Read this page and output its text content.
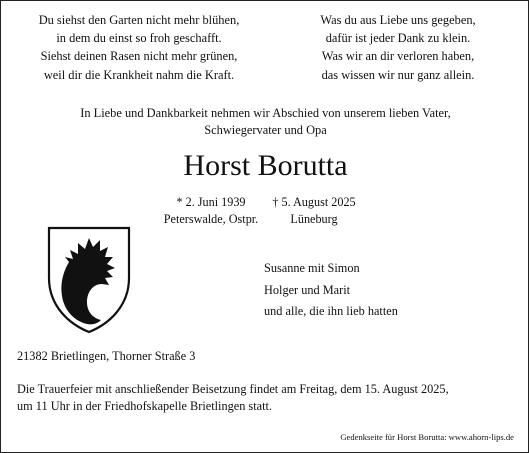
Du siehst den Garten nicht mehr blühen,
in dem du einst so froh geschafft.
Siehst deinen Rasen nicht mehr grünen,
weil dir die Krankheit nahm die Kraft.
Was du aus Liebe uns gegeben,
dafür ist jeder Dank zu klein.
Was wir an dir verloren haben,
das wissen wir nur ganz allein.
In Liebe und Dankbarkeit nehmen wir Abschied von unserem lieben Vater,
Schwiegervater und Opa
Horst Borutta
* 2. Juni 1939
Peterswalde, Ostpr.
† 5. August 2025
Lüneburg
Susanne mit Simon
Holger und Marit
und alle, die ihn lieb hatten
21382 Brietlingen, Thorner Straße 3
Die Trauerfeier mit anschließender Beisetzung findet am Freitag, dem 15. August 2025,
um 11 Uhr in der Friedhofskapelle Brietlingen statt.
Gedenkseite für Horst Borutta: www.ahorn-lips.de
